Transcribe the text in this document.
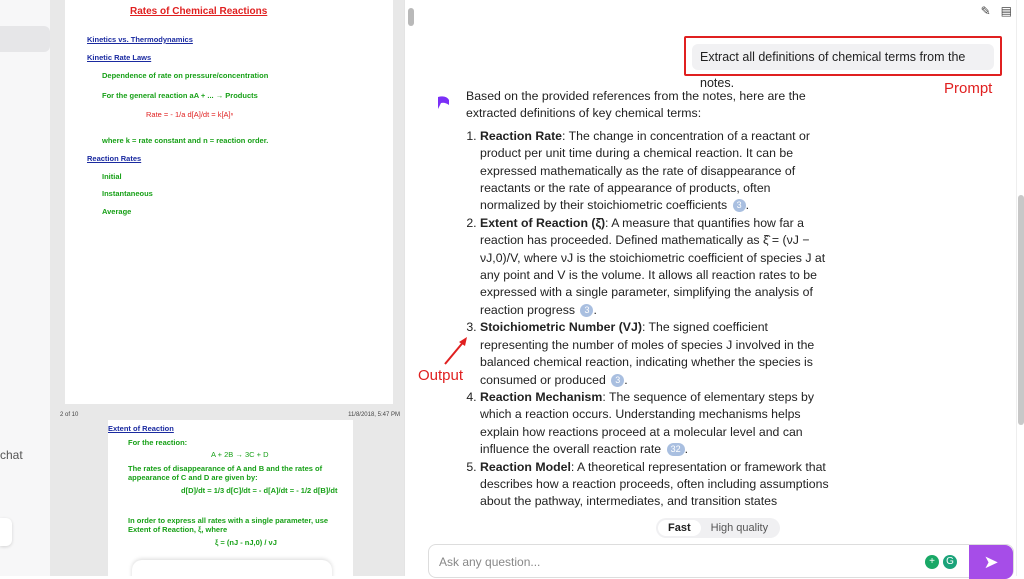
chat
Rates of Chemical Reactions
Kinetics vs. Thermodynamics
Kinetic Rate Laws
Dependence of rate on pressure/concentration
For the general reaction aA + ... → Products
Rate = - 1/a d[A]/dt = k[A]ⁿ
where k = rate constant and n = reaction order.
Reaction Rates
Initial
Instantaneous
Average
2 of 10	11/8/2018, 5:47 PM
Extent of Reaction
For the reaction:
A + 2B → 3C + D
The rates of disappearance of A and B and the rates of appearance of C and D are given by:
d[D]/dt = 1/3 d[C]/dt = - d[A]/dt = - 1/2 d[B]/dt
In order to express all rates with a single parameter, use Extent of Reaction, ξ, where
ξ = (nJ - nJ,0) / νJ
✎ ▤
Extract all definitions of chemical terms from the notes.	Prompt
Output

Based on the provided references from the notes, here are the extracted definitions of key chemical terms:

1. Reaction Rate: The change in concentration of a reactant or product per unit time during a chemical reaction. It can be expressed mathematically as the rate of disappearance of reactants or the rate of appearance of products, often normalized by their stoichiometric coefficients 3 .
2. Extent of Reaction (ξ̂): A measure that quantifies how far a reaction has proceeded. Defined mathematically as ξ̂ = (νJ − νJ,0)/V, where νJ is the stoichiometric coefficient of species J at any point and V is the volume. It allows all reaction rates to be expressed with a single parameter, simplifying the analysis of reaction progress 3 .
3. Stoichiometric Number (VJ): The signed coefficient representing the number of moles of species J involved in the balanced chemical reaction, indicating whether the species is consumed or produced 3 .
4. Reaction Mechanism: The sequence of elementary steps by which a reaction occurs. Understanding mechanisms helps explain how reactions proceed at a molecular level and can influence the overall reaction rate 32 .
5. Reaction Model: A theoretical representation or framework that describes how a reaction proceeds, often including assumptions about the pathway, intermediates, and transition states
Fast	High quality
Ask any question...	+	G	➤
